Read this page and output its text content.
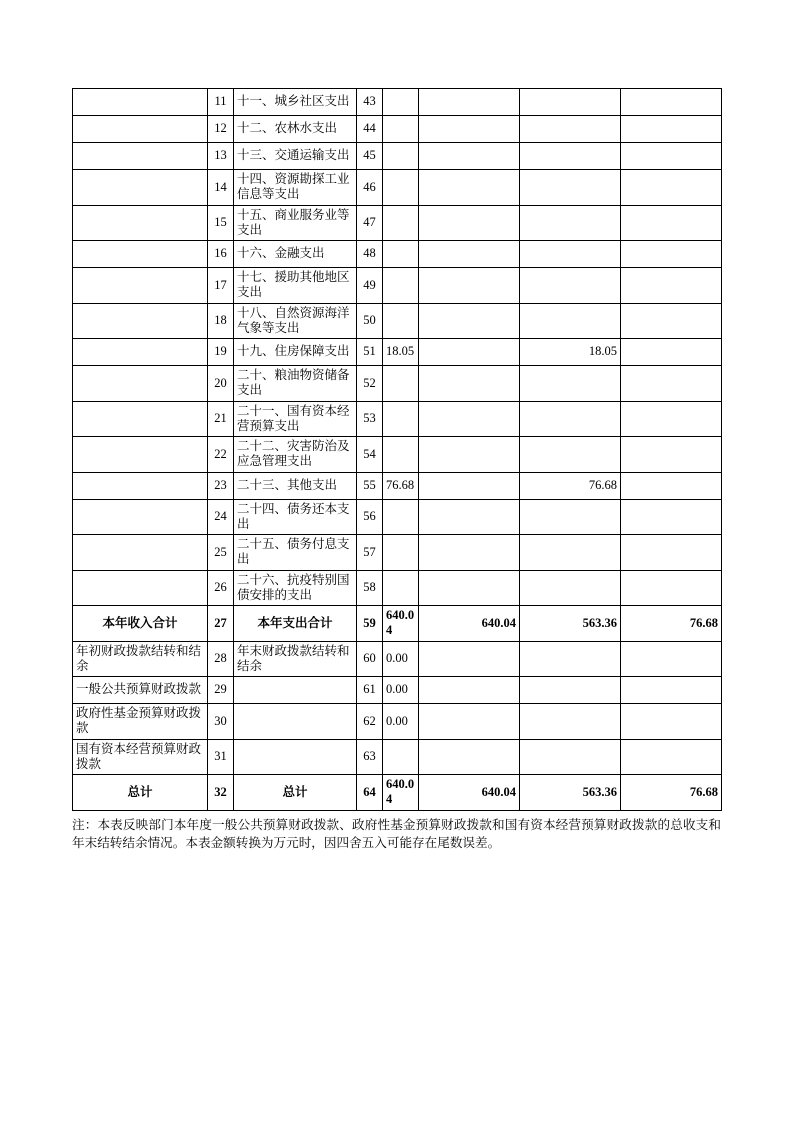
	11	十一、城乡社区支出	43				
	12	十二、农林水支出	44				
	13	十三、交通运输支出	45				
	14	十四、资源勘探工业信息等支出	46				
	15	十五、商业服务业等支出	47				
	16	十六、金融支出	48				
	17	十七、援助其他地区支出	49				
	18	十八、自然资源海洋气象等支出	50				
	19	十九、住房保障支出	51	18.05		18.05	
	20	二十、粮油物资储备支出	52				
	21	二十一、国有资本经营预算支出	53				
	22	二十二、灾害防治及应急管理支出	54				
	23	二十三、其他支出	55	76.68		76.68	
	24	二十四、债务还本支出	56				
	25	二十五、债务付息支出	57				
	26	二十六、抗疫特别国债安排的支出	58				
本年收入合计	27	本年支出合计	59	640.04	640.04	563.36	76.68
年初财政拨款结转和结余	28	年末财政拨款结转和结余	60	0.00			
一般公共预算财政拨款	29		61	0.00			
政府性基金预算财政拨款	30		62	0.00			
国有资本经营预算财政拨款	31		63				
总计	32	总计	64	640.04	640.04	563.36	76.68
注：本表反映部门本年度一般公共预算财政拨款、政府性基金预算财政拨款和国有资本经营预算财政拨款的总收支和年末结转结余情况。本表金额转换为万元时，因四舍五入可能存在尾数误差。
